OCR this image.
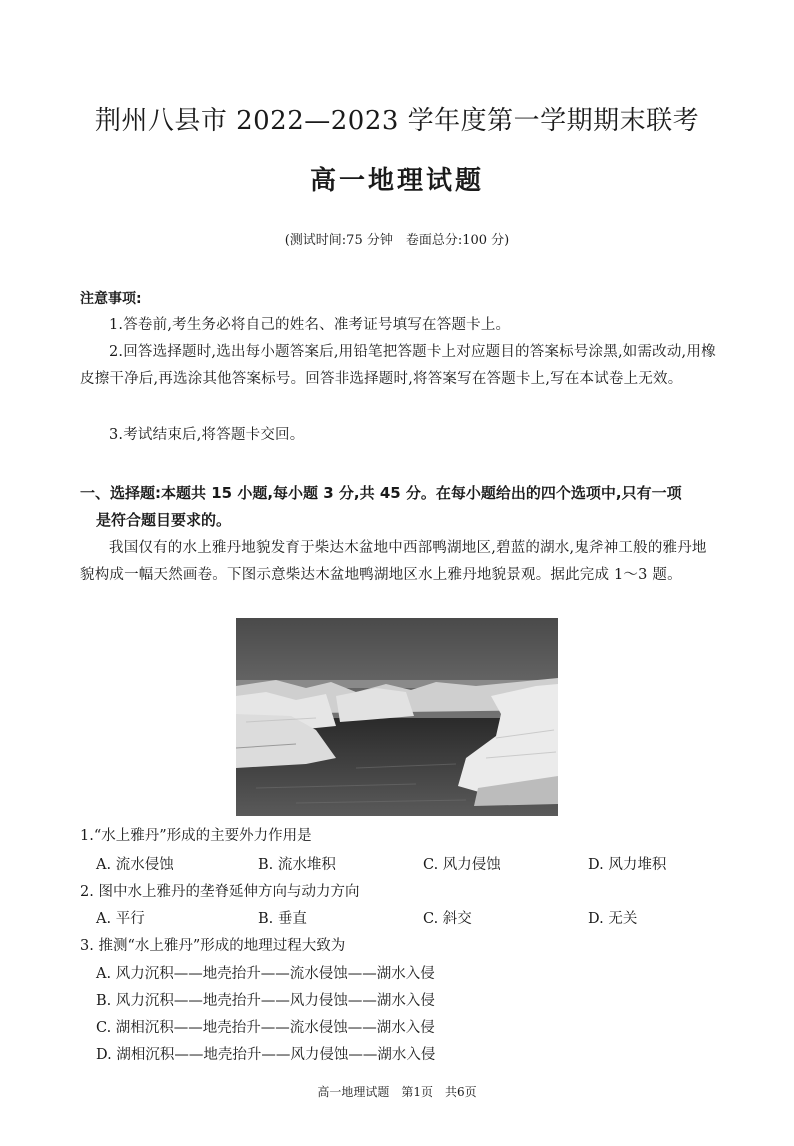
荆州八县市 2022—2023 学年度第一学期期末联考
高一地理试题
(测试时间:75 分钟　卷面总分:100 分)
注意事项:
1.答卷前,考生务必将自己的姓名、准考证号填写在答题卡上。
2.回答选择题时,选出每小题答案后,用铅笔把答题卡上对应题目的答案标号涂黑,如需改动,用橡皮擦干净后,再选涂其他答案标号。回答非选择题时,将答案写在答题卡上,写在本试卷上无效。
3.考试结束后,将答题卡交回。
一、选择题:本题共 15 小题,每小题 3 分,共 45 分。在每小题给出的四个选项中,只有一项
是符合题目要求的。
我国仅有的水上雅丹地貌发育于柴达木盆地中西部鸭湖地区,碧蓝的湖水,鬼斧神工般的雅丹地貌构成一幅天然画卷。下图示意柴达木盆地鸭湖地区水上雅丹地貌景观。据此完成 1～3 题。
1.“水上雅丹”形成的主要外力作用是
A. 流水侵蚀	B. 流水堆积	C. 风力侵蚀	D. 风力堆积
2. 图中水上雅丹的垄脊延伸方向与动力方向
A. 平行	B. 垂直	C. 斜交	D. 无关
3. 推测“水上雅丹”形成的地理过程大致为
A. 风力沉积——地壳抬升——流水侵蚀——湖水入侵
B. 风力沉积——地壳抬升——风力侵蚀——湖水入侵
C. 湖相沉积——地壳抬升——流水侵蚀——湖水入侵
D. 湖相沉积——地壳抬升——风力侵蚀——湖水入侵
高一地理试题　第1页　共6页
